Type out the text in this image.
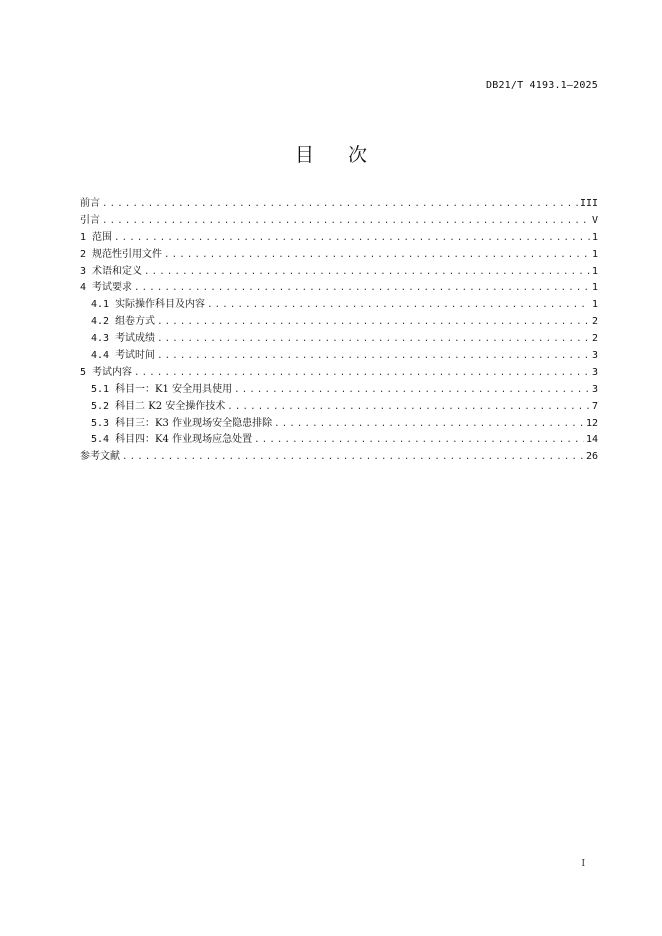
DB21/T 4193.1—2025
目次
前言 .....	III
引言 .....	V
1 范围 .....	1
2 规范性引用文件 .....	1
3 术语和定义 .....	1
4 考试要求 .....	1
4.1 实际操作科目及内容 .....	1
4.2 组卷方式 .....	2
4.3 考试成绩 .....	2
4.4 考试时间 .....	3
5 考试内容 .....	3
5.1 科目一：K1 安全用具使用 .....	3
5.2 科目二 K2 安全操作技术 .....	7
5.3 科目三：K3 作业现场安全隐患排除 .....	12
5.4 科目四：K4 作业现场应急处置 .....	14
参考文献 .....	26
I
